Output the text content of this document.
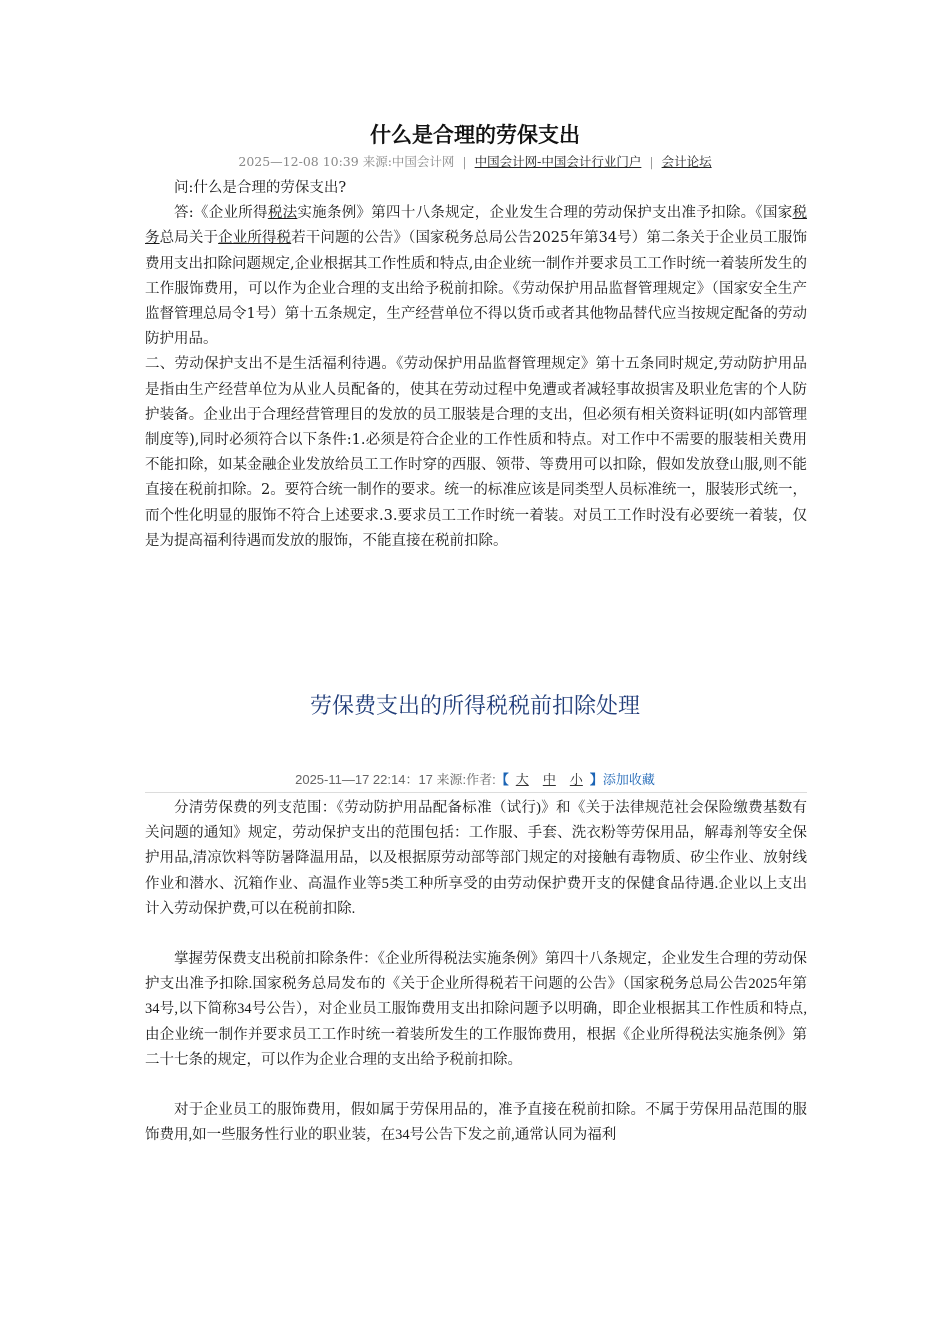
什么是合理的劳保支出
2025—12-08 10:39 来源:中国会计网 | 中国会计网-中国会计行业门户 | 会计论坛

问:什么是合理的劳保支出?

答:《企业所得税法实施条例》第四十八条规定，企业发生合理的劳动保护支出准予扣除。《国家税务总局关于企业所得税若干问题的公告》（国家税务总局公告2025年第34号）第二条关于企业员工服饰费用支出扣除问题规定,企业根据其工作性质和特点,由企业统一制作并要求员工工作时统一着装所发生的工作服饰费用，可以作为企业合理的支出给予税前扣除。《劳动保护用品监督管理规定》（国家安全生产监督管理总局令1号）第十五条规定，生产经营单位不得以货币或者其他物品替代应当按规定配备的劳动防护用品。

二、劳动保护支出不是生活福利待遇。《劳动保护用品监督管理规定》第十五条同时规定,劳动防护用品是指由生产经营单位为从业人员配备的，使其在劳动过程中免遭或者减轻事故损害及职业危害的个人防护装备。企业出于合理经营管理目的发放的员工服装是合理的支出，但必须有相关资料证明(如内部管理制度等),同时必须符合以下条件:1.必须是符合企业的工作性质和特点。对工作中不需要的服装相关费用不能扣除，如某金融企业发放给员工工作时穿的西服、领带、等费用可以扣除，假如发放登山服,则不能直接在税前扣除。2。要符合统一制作的要求。统一的标准应该是同类型人员标准统一，服装形式统一，而个性化明显的服饰不符合上述要求.3.要求员工工作时统一着装。对员工工作时没有必要统一着装，仅是为提高福利待遇而发放的服饰，不能直接在税前扣除。

劳保费支出的所得税税前扣除处理
2025-11—17 22:14：17 来源:作者:【 大 中 小 】添加收藏

分清劳保费的列支范围：《劳动防护用品配备标准（试行)》和《关于法律规范社会保险缴费基数有关问题的通知》规定，劳动保护支出的范围包括：工作服、手套、洗衣粉等劳保用品，解毒剂等安全保护用品,清凉饮料等防暑降温用品，以及根据原劳动部等部门规定的对接触有毒物质、矽尘作业、放射线作业和潜水、沉箱作业、高温作业等5类工种所享受的由劳动保护费开支的保健食品待遇.企业以上支出计入劳动保护费,可以在税前扣除.

掌握劳保费支出税前扣除条件：《企业所得税法实施条例》第四十八条规定，企业发生合理的劳动保护支出准予扣除.国家税务总局发布的《关于企业所得税若干问题的公告》（国家税务总局公告2025年第34号,以下简称34号公告），对企业员工服饰费用支出扣除问题予以明确，即企业根据其工作性质和特点,由企业统一制作并要求员工工作时统一着装所发生的工作服饰费用，根据《企业所得税法实施条例》第二十七条的规定，可以作为企业合理的支出给予税前扣除。

对于企业员工的服饰费用，假如属于劳保用品的，准予直接在税前扣除。不属于劳保用品范围的服饰费用,如一些服务性行业的职业装，在34号公告下发之前,通常认同为福利
